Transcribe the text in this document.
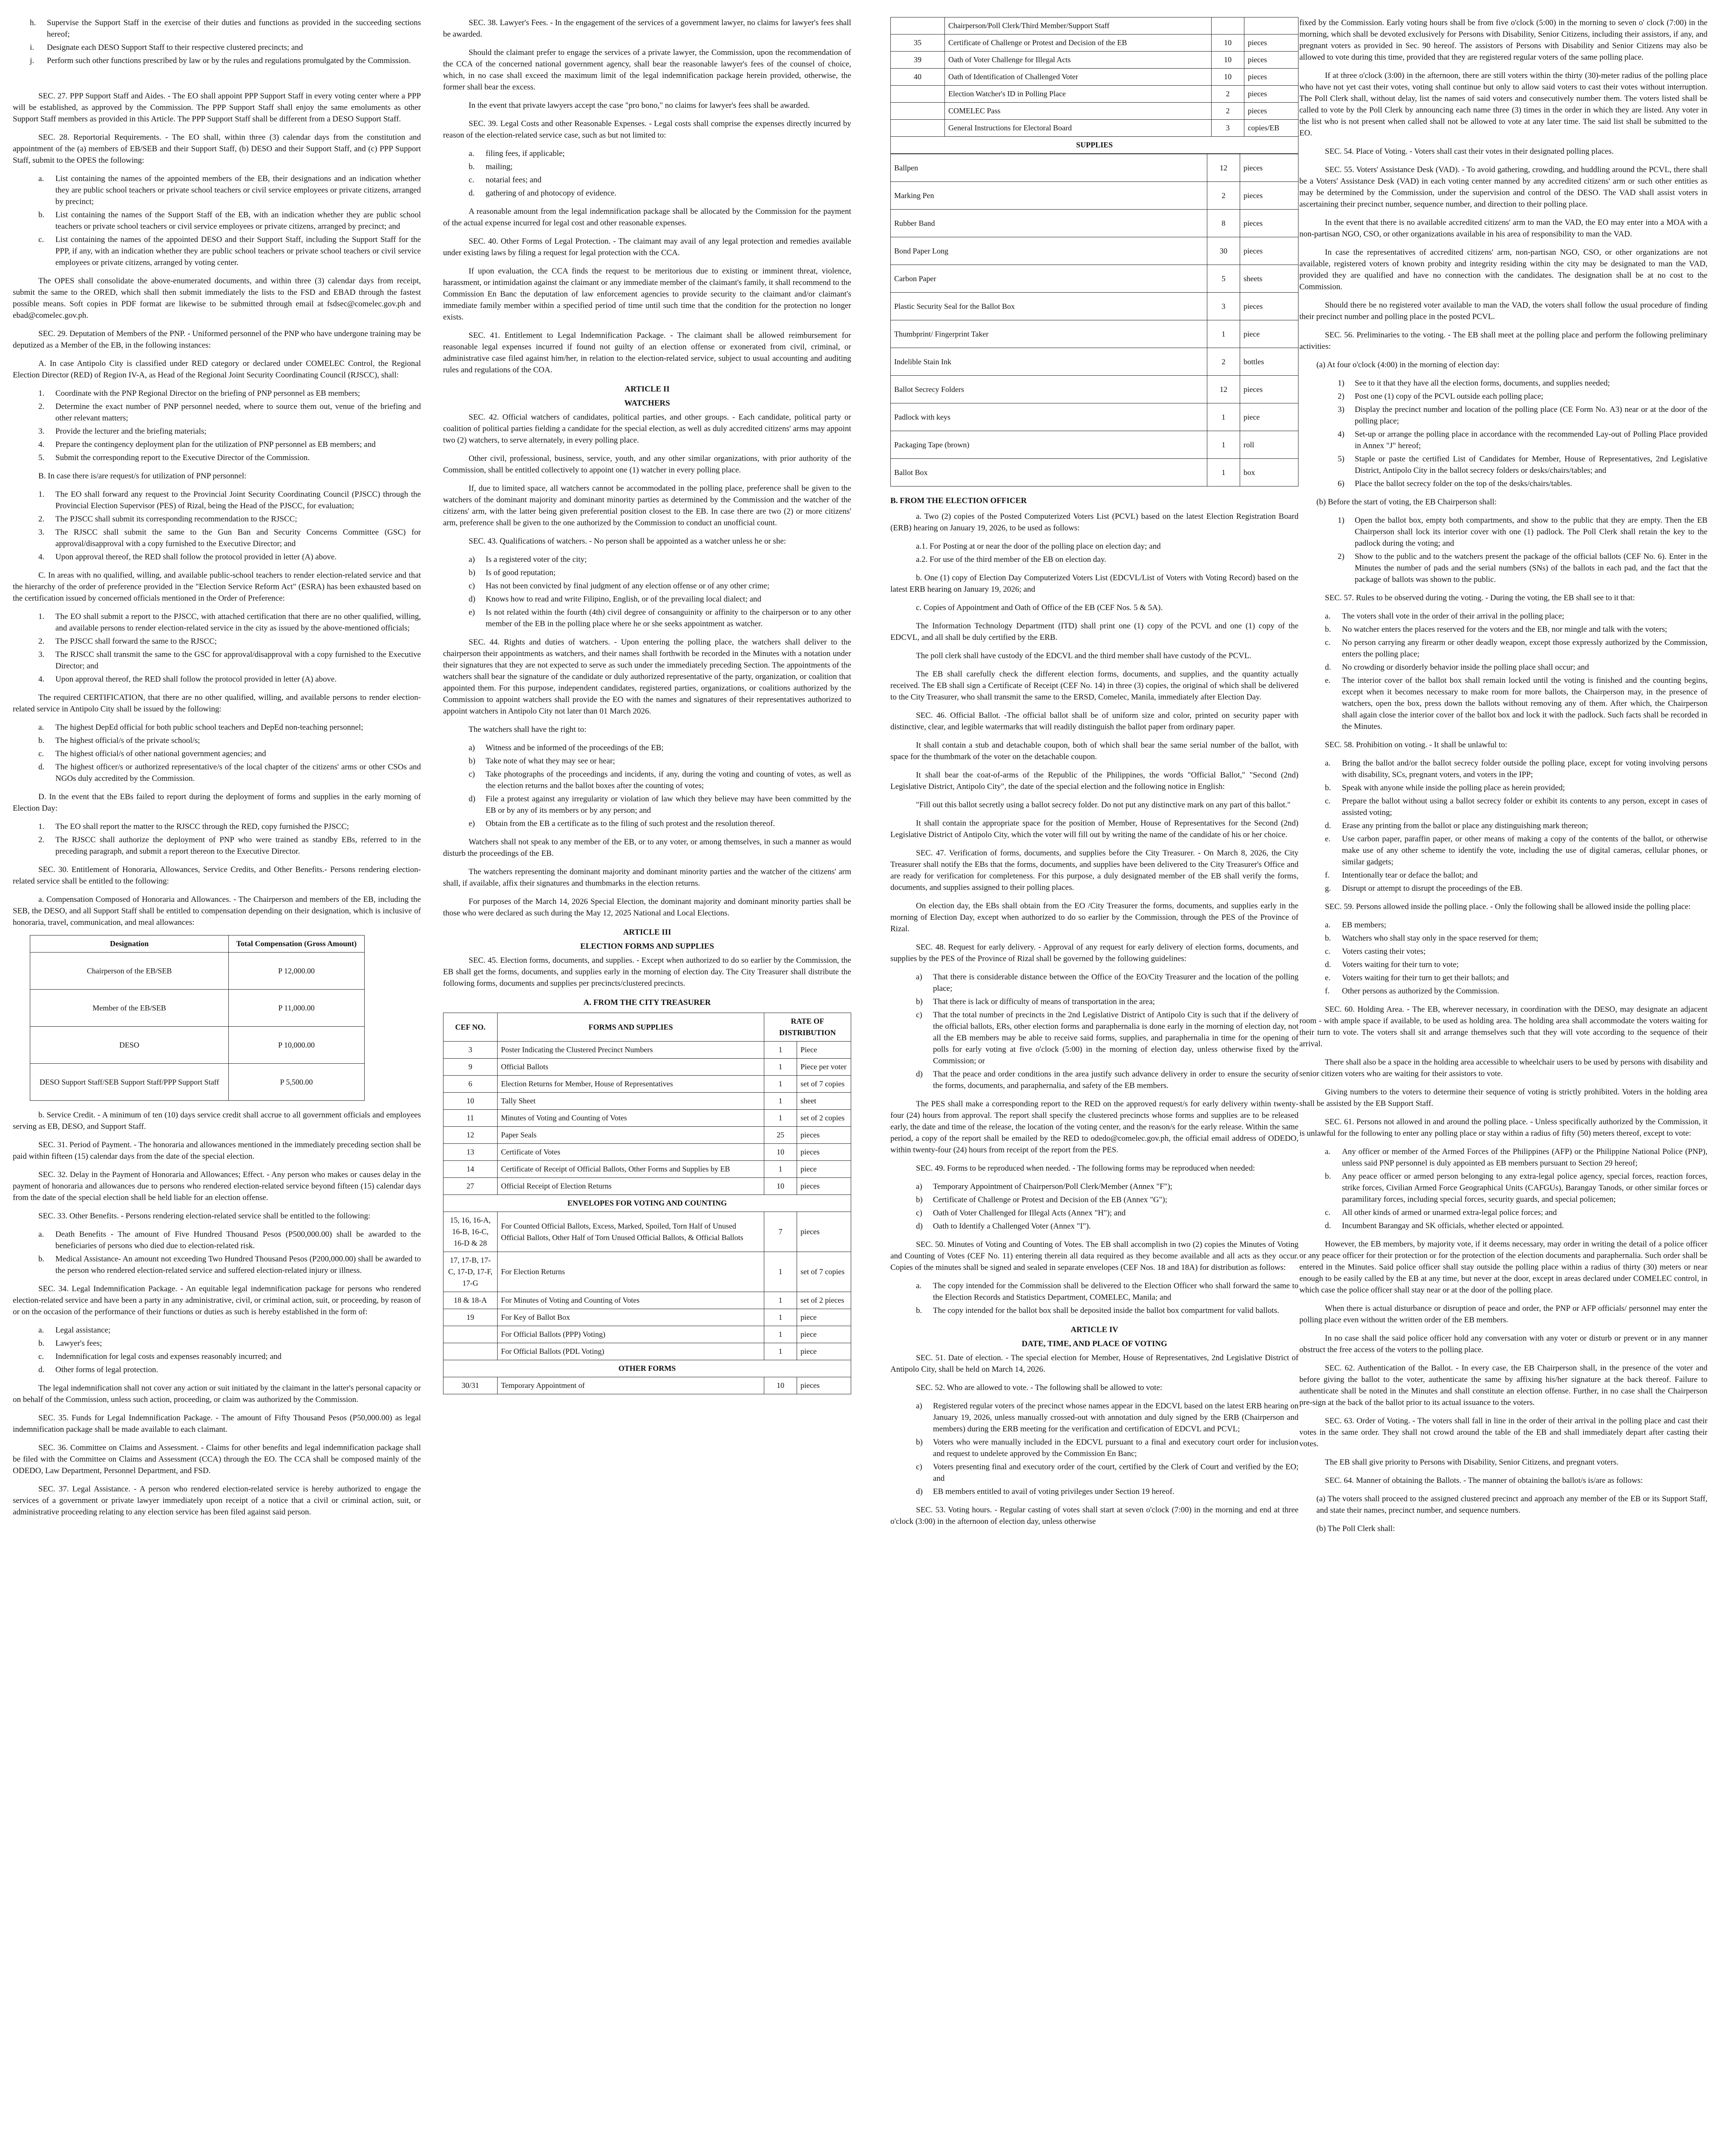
h. Supervise the Support Staff in the exercise of their duties and functions as provided in the succeeding sections hereof;
i. Designate each DESO Support Staff to their respective clustered precincts; and
j. Perform such other functions prescribed by law or by the rules and regulations promulgated by the Commission.

SEC. 27. PPP Support Staff and Aides. - The EO shall appoint PPP Support Staff in every voting center where a PPP will be established, as approved by the Commission. The PPP Support Staff shall enjoy the same emoluments as other Support Staff members as provided in this Article. The PPP Support Staff shall be different from a DESO Support Staff.

SEC. 28. Reportorial Requirements. - The EO shall, within three (3) calendar days from the constitution and appointment of the (a) members of EB/SEB and their Support Staff, (b) DESO and their Support Staff, and (c) PPP Support Staff, submit to the OPES the following:

a. List containing the names of the appointed members of the EB, their designations and an indication whether they are public school teachers or private school teachers or civil service employees or private citizens, arranged by precinct;
b. List containing the names of the Support Staff of the EB, with an indication whether they are public school teachers or private school teachers or civil service employees or private citizens, arranged by precinct; and
c. List containing the names of the appointed DESO and their Support Staff, including the Support Staff for the PPP, if any, with an indication whether they are public school teachers or private school teachers or civil service employees or private citizens, arranged by voting center.

The OPES shall consolidate the above-enumerated documents, and within three (3) calendar days from receipt, submit the same to the ORED, which shall then submit immediately the lists to the FSD and EBAD through the fastest possible means. Soft copies in PDF format are likewise to be submitted through email at fsdsec@comelec.gov.ph and ebad@comelec.gov.ph.

SEC. 29. Deputation of Members of the PNP. - Uniformed personnel of the PNP who have undergone training may be deputized as a Member of the EB, in the following instances:

A. In case Antipolo City is classified under RED category or declared under COMELEC Control, the Regional Election Director (RED) of Region IV-A, as Head of the Regional Joint Security Coordinating Council (RJSCC), shall:

1. Coordinate with the PNP Regional Director on the briefing of PNP personnel as EB members;
2. Determine the exact number of PNP personnel needed, where to source them out, venue of the briefing and other relevant matters;
3. Provide the lecturer and the briefing materials;
4. Prepare the contingency deployment plan for the utilization of PNP personnel as EB members; and
5. Submit the corresponding report to the Executive Director of the Commission.

B. In case there is/are request/s for utilization of PNP personnel:

1. The EO shall forward any request to the Provincial Joint Security Coordinating Council (PJSCC) through the Provincial Election Supervisor (PES) of Rizal, being the Head of the PJSCC, for evaluation;
2. The PJSCC shall submit its corresponding recommendation to the RJSCC;
3. The RJSCC shall submit the same to the Gun Ban and Security Concerns Committee (GSC) for approval/disapproval with a copy furnished to the Executive Director; and
4. Upon approval thereof, the RED shall follow the protocol provided in letter (A) above.

C. In areas with no qualified, willing, and available public-school teachers to render election-related service and that the hierarchy of the order of preference provided in the "Election Service Reform Act" (ESRA) has been exhausted based on the certification issued by concerned officials mentioned in the Order of Preference:

1. The EO shall submit a report to the PJSCC, with attached certification that there are no other qualified, willing, and available persons to render election-related service in the city as issued by the above-mentioned officials;
2. The PJSCC shall forward the same to the RJSCC;
3. The RJSCC shall transmit the same to the GSC for approval/disapproval with a copy furnished to the Executive Director; and
4. Upon approval thereof, the RED shall follow the protocol provided in letter (A) above.

The required CERTIFICATION, that there are no other qualified, willing, and available persons to render election-related service in Antipolo City shall be issued by the following:

a. The highest DepEd official for both public school teachers and DepEd non-teaching personnel;
b. The highest official/s of the private school/s;
c. The highest official/s of other national government agencies; and
d. The highest officer/s or authorized representative/s of the local chapter of the citizens' arms or other CSOs and NGOs duly accredited by the Commission.

D. In the event that the EBs failed to report during the deployment of forms and supplies in the early morning of Election Day:

1. The EO shall report the matter to the RJSCC through the RED, copy furnished the PJSCC;
2. The RJSCC shall authorize the deployment of PNP who were trained as standby EBs, referred to in the preceding paragraph, and submit a report thereon to the Executive Director.

SEC. 30. Entitlement of Honoraria, Allowances, Service Credits, and Other Benefits.- Persons rendering election-related service shall be entitled to the following:

a. Compensation Composed of Honoraria and Allowances. - The Chairperson and members of the EB, including the SEB, the DESO, and all Support Staff shall be entitled to compensation depending on their designation, which is inclusive of honoraria, travel, communication, and meal allowances:

Designation	Total Compensation (Gross Amount)
Chairperson of the EB/SEB	P 12,000.00
Member of the EB/SEB	P 11,000.00
DESO	P 10,000.00
DESO Support Staff/SEB Support Staff/PPP Support Staff	P 5,500.00

b. Service Credit. - A minimum of ten (10) days service credit shall accrue to all government officials and employees serving as EB, DESO, and Support Staff.

SEC. 31. Period of Payment. - The honoraria and allowances mentioned in the immediately preceding section shall be paid within fifteen (15) calendar days from the date of the special election.

SEC. 32. Delay in the Payment of Honoraria and Allowances; Effect. - Any person who makes or causes delay in the payment of honoraria and allowances due to persons who rendered election-related service beyond fifteen (15) calendar days from the date of the special election shall be held liable for an election offense.

SEC. 33. Other Benefits. - Persons rendering election-related service shall be entitled to the following:

a. Death Benefits - The amount of Five Hundred Thousand Pesos (P500,000.00) shall be awarded to the beneficiaries of persons who died due to election-related risk.
b. Medical Assistance- An amount not exceeding Two Hundred Thousand Pesos (P200,000.00) shall be awarded to the person who rendered election-related service and suffered election-related injury or illness.

SEC. 34. Legal Indemnification Package. - An equitable legal indemnification package for persons who rendered election-related service and have been a party in any administrative, civil, or criminal action, suit, or proceeding, by reason of or on the occasion of the performance of their functions or duties as such is hereby established in the form of:

a. Legal assistance;
b. Lawyer's fees;
c. Indemnification for legal costs and expenses reasonably incurred; and
d. Other forms of legal protection.

The legal indemnification shall not cover any action or suit initiated by the claimant in the latter's personal capacity or on behalf of the Commission, unless such action, proceeding, or claim was authorized by the Commission.

SEC. 35. Funds for Legal Indemnification Package. - The amount of Fifty Thousand Pesos (P50,000.00) as legal indemnification package shall be made available to each claimant.

SEC. 36. Committee on Claims and Assessment. - Claims for other benefits and legal indemnification package shall be filed with the Committee on Claims and Assessment (CCA) through the EO. The CCA shall be composed mainly of the ODEDO, Law Department, Personnel Department, and FSD.

SEC. 37. Legal Assistance. - A person who rendered election-related service is hereby authorized to engage the services of a government or private lawyer immediately upon receipt of a notice that a civil or criminal action, suit, or administrative proceeding relating to any election service has been filed against said person.

SEC. 38. Lawyer's Fees. - In the engagement of the services of a government lawyer, no claims for lawyer's fees shall be awarded.

Should the claimant prefer to engage the services of a private lawyer, the Commission, upon the recommendation of the CCA of the concerned national government agency, shall bear the reasonable lawyer's fees of the counsel of choice, which, in no case shall exceed the maximum limit of the legal indemnification package herein provided, otherwise, the former shall bear the excess.

In the event that private lawyers accept the case "pro bono," no claims for lawyer's fees shall be awarded.

SEC. 39. Legal Costs and other Reasonable Expenses. - Legal costs shall comprise the expenses directly incurred by reason of the election-related service case, such as but not limited to:

a. filing fees, if applicable;
b. mailing;
c. notarial fees; and
d. gathering of and photocopy of evidence.

A reasonable amount from the legal indemnification package shall be allocated by the Commission for the payment of the actual expense incurred for legal cost and other reasonable expenses.

SEC. 40. Other Forms of Legal Protection. - The claimant may avail of any legal protection and remedies available under existing laws by filing a request for legal protection with the CCA.

If upon evaluation, the CCA finds the request to be meritorious due to existing or imminent threat, violence, harassment, or intimidation against the claimant or any immediate member of the claimant's family, it shall recommend to the Commission En Banc the deputation of law enforcement agencies to provide security to the claimant and/or claimant's immediate family member within a specified period of time until such time that the condition for the protection no longer exists.

SEC. 41. Entitlement to Legal Indemnification Package. - The claimant shall be allowed reimbursement for reasonable legal expenses incurred if found not guilty of an election offense or exonerated from civil, criminal, or administrative case filed against him/her, in relation to the election-related service, subject to usual accounting and auditing rules and regulations of the COA.

ARTICLE II
WATCHERS

SEC. 42. Official watchers of candidates, political parties, and other groups. - Each candidate, political party or coalition of political parties fielding a candidate for the special election, as well as duly accredited citizens' arms may appoint two (2) watchers, to serve alternately, in every polling place.

Other civil, professional, business, service, youth, and any other similar organizations, with prior authority of the Commission, shall be entitled collectively to appoint one (1) watcher in every polling place.

If, due to limited space, all watchers cannot be accommodated in the polling place, preference shall be given to the watchers of the dominant majority and dominant minority parties as determined by the Commission and the watcher of the citizens' arm, with the latter being given preferential position closest to the EB. In case there are two (2) or more citizens' arm, preference shall be given to the one authorized by the Commission to conduct an unofficial count.

SEC. 43. Qualifications of watchers. - No person shall be appointed as a watcher unless he or she:

a) Is a registered voter of the city;
b) Is of good reputation;
c) Has not been convicted by final judgment of any election offense or of any other crime;
d) Knows how to read and write Filipino, English, or of the prevailing local dialect; and
e) Is not related within the fourth (4th) civil degree of consanguinity or affinity to the chairperson or to any other member of the EB in the polling place where he or she seeks appointment as watcher.

SEC. 44. Rights and duties of watchers. - Upon entering the polling place, the watchers shall deliver to the chairperson their appointments as watchers, and their names shall forthwith be recorded in the Minutes with a notation under their signatures that they are not expected to serve as such under the immediately preceding Section. The appointments of the watchers shall bear the signature of the candidate or duly authorized representative of the party, organization, or coalition that appointed them. For this purpose, independent candidates, registered parties, organizations, or coalitions authorized by the Commission to appoint watchers shall provide the EO with the names and signatures of their representatives authorized to appoint watchers in Antipolo City not later than 01 March 2026.

The watchers shall have the right to:

a) Witness and be informed of the proceedings of the EB;
b) Take note of what they may see or hear;
c) Take photographs of the proceedings and incidents, if any, during the voting and counting of votes, as well as the election returns and the ballot boxes after the counting of votes;
d) File a protest against any irregularity or violation of law which they believe may have been committed by the EB or by any of its members or by any person; and
e) Obtain from the EB a certificate as to the filing of such protest and the resolution thereof.

Watchers shall not speak to any member of the EB, or to any voter, or among themselves, in such a manner as would disturb the proceedings of the EB.

The watchers representing the dominant majority and dominant minority parties and the watcher of the citizens' arm shall, if available, affix their signatures and thumbmarks in the election returns.

For purposes of the March 14, 2026 Special Election, the dominant majority and dominant minority parties shall be those who were declared as such during the May 12, 2025 National and Local Elections.

ARTICLE III
ELECTION FORMS AND SUPPLIES

SEC. 45. Election forms, documents, and supplies. - Except when authorized to do so earlier by the Commission, the EB shall get the forms, documents, and supplies early in the morning of election day. The City Treasurer shall distribute the following forms, documents and supplies per precincts/clustered precincts.

A. FROM THE CITY TREASURER
CEF NO.	FORMS AND SUPPLIES	RATE OF DISTRIBUTION	
3	Poster Indicating the Clustered Precinct Numbers	1	Piece
9	Official Ballots	1	Piece per voter
6	Election Returns for Member, House of Representatives	1	set of 7 copies
10	Tally Sheet	1	sheet
11	Minutes of Voting and Counting of Votes	1	set of 2 copies
12	Paper Seals	25	pieces
13	Certificate of Votes	10	pieces
14	Certificate of Receipt of Official Ballots, Other Forms and Supplies by EB	1	piece
27	Official Receipt of Election Returns	10	pieces
ENVELOPES FOR VOTING AND COUNTING			
15, 16, 16-A, 16-B, 16-C, 16-D & 28	For Counted Official Ballots, Excess, Marked, Spoiled, Torn Half of Unused Official Ballots, Other Half of Torn Unused Official Ballots, & Official Ballots	7	pieces
17, 17-B, 17-C, 17-D, 17-F, 17-G	For Election Returns	1	set of 7 copies
18 & 18-A	For Minutes of Voting and Counting of Votes	1	set of 2 pieces
19	For Key of Ballot Box	1	piece
	For Official Ballots (PPP) Voting)	1	piece
	For Official Ballots (PDL Voting)	1	piece
OTHER FORMS			
30/31	Temporary Appointment of	10	pieces
	Chairperson/Poll Clerk/Third Member/Support Staff		
35	Certificate of Challenge or Protest and Decision of the EB	10	pieces
39	Oath of Voter Challenge for Illegal Acts	10	pieces
40	Oath of Identification of Challenged Voter	10	pieces
	Election Watcher's ID in Polling Place	2	pieces
	COMELEC Pass	2	pieces
	General Instructions for Electoral Board	3	copies/EB
SUPPLIES			
Ballpen	12	pieces
Marking Pen	2	pieces
Rubber Band	8	pieces
Bond Paper Long	30	pieces
Carbon Paper	5	sheets
Plastic Security Seal for the Ballot Box	3	pieces
Thumbprint/ Fingerprint Taker	1	piece
Indelible Stain Ink	2	bottles
Ballot Secrecy Folders	12	pieces
Padlock with keys	1	piece
Packaging Tape (brown)	1	roll
Ballot Box	1	box
B. FROM THE ELECTION OFFICER

a. Two (2) copies of the Posted Computerized Voters List (PCVL) based on the latest Election Registration Board (ERB) hearing on January 19, 2026, to be used as follows:

a.1. For Posting at or near the door of the polling place on election day; and

a.2. For use of the third member of the EB on election day.

b. One (1) copy of Election Day Computerized Voters List (EDCVL/List of Voters with Voting Record) based on the latest ERB hearing on January 19, 2026; and

c. Copies of Appointment and Oath of Office of the EB (CEF Nos. 5 & 5A).

The Information Technology Department (ITD) shall print one (1) copy of the PCVL and one (1) copy of the EDCVL, and all shall be duly certified by the ERB.

The poll clerk shall have custody of the EDCVL and the third member shall have custody of the PCVL.

The EB shall carefully check the different election forms, documents, and supplies, and the quantity actually received. The EB shall sign a Certificate of Receipt (CEF No. 14) in three (3) copies, the original of which shall be delivered to the City Treasurer, who shall transmit the same to the ERSD, Comelec, Manila, immediately after Election Day.

SEC. 46. Official Ballot. -The official ballot shall be of uniform size and color, printed on security paper with distinctive, clear, and legible watermarks that will readily distinguish the ballot paper from ordinary paper.

It shall contain a stub and detachable coupon, both of which shall bear the same serial number of the ballot, with space for the thumbmark of the voter on the detachable coupon.

It shall bear the coat-of-arms of the Republic of the Philippines, the words "Official Ballot," "Second (2nd) Legislative District, Antipolo City", the date of the special election and the following notice in English:

"Fill out this ballot secretly using a ballot secrecy folder. Do not put any distinctive mark on any part of this ballot."

It shall contain the appropriate space for the position of Member, House of Representatives for the Second (2nd) Legislative District of Antipolo City, which the voter will fill out by writing the name of the candidate of his or her choice.

SEC. 47. Verification of forms, documents, and supplies before the City Treasurer. - On March 8, 2026, the City Treasurer shall notify the EBs that the forms, documents, and supplies have been delivered to the City Treasurer's Office and are ready for verification for completeness. For this purpose, a duly designated member of the EB shall verify the forms, documents, and supplies assigned to their polling places.

On election day, the EBs shall obtain from the EO /City Treasurer the forms, documents, and supplies early in the morning of Election Day, except when authorized to do so earlier by the Commission, through the PES of the Province of Rizal.

SEC. 48. Request for early delivery. - Approval of any request for early delivery of election forms, documents, and supplies by the PES of the Province of Rizal shall be governed by the following guidelines:

a) That there is considerable distance between the Office of the EO/City Treasurer and the location of the polling place;
b) That there is lack or difficulty of means of transportation in the area;
c) That the total number of precincts in the 2nd Legislative District of Antipolo City is such that if the delivery of the official ballots, ERs, other election forms and paraphernalia is done early in the morning of election day, not all the EB members may be able to receive said forms, supplies, and paraphernalia in time for the opening of polls for early voting at five o'clock (5:00) in the morning of election day, unless otherwise fixed by the Commission; or
d) That the peace and order conditions in the area justify such advance delivery in order to ensure the security of the forms, documents, and paraphernalia, and safety of the EB members.

The PES shall make a corresponding report to the RED on the approved request/s for early delivery within twenty-four (24) hours from approval. The report shall specify the clustered precincts whose forms and supplies are to be released early, the date and time of the release, the location of the voting center, and the reason/s for the early release. Within the same period, a copy of the report shall be emailed by the RED to odedo@comelec.gov.ph, the official email address of ODEDO, within twenty-four (24) hours from receipt of the report from the PES.

SEC. 49. Forms to be reproduced when needed. - The following forms may be reproduced when needed:

a) Temporary Appointment of Chairperson/Poll Clerk/Member (Annex "F");
b) Certificate of Challenge or Protest and Decision of the EB (Annex "G");
c) Oath of Voter Challenged for Illegal Acts (Annex "H"); and
d) Oath to Identify a Challenged Voter (Annex "I").

SEC. 50. Minutes of Voting and Counting of Votes. The EB shall accomplish in two (2) copies the Minutes of Voting and Counting of Votes (CEF No. 11) entering therein all data required as they become available and all acts as they occur. Copies of the minutes shall be signed and sealed in separate envelopes (CEF Nos. 18 and 18A) for distribution as follows:

a. The copy intended for the Commission shall be delivered to the Election Officer who shall forward the same to the Election Records and Statistics Department, COMELEC, Manila; and
b. The copy intended for the ballot box shall be deposited inside the ballot box compartment for valid ballots.
ARTICLE IV
DATE, TIME, AND PLACE OF VOTING

SEC. 51. Date of election. - The special election for Member, House of Representatives, 2nd Legislative District of Antipolo City, shall be held on March 14, 2026.

SEC. 52. Who are allowed to vote. - The following shall be allowed to vote:

a) Registered regular voters of the precinct whose names appear in the EDCVL based on the latest ERB hearing on January 19, 2026, unless manually crossed-out with annotation and duly signed by the ERB (Chairperson and members) during the ERB meeting for the verification and certification of EDCVL and PCVL;
b) Voters who were manually included in the EDCVL pursuant to a final and executory court order for inclusion and request to undelete approved by the Commission En Banc;
c) Voters presenting final and executory order of the court, certified by the Clerk of Court and verified by the EO; and
d) EB members entitled to avail of voting privileges under Section 19 hereof.

SEC. 53. Voting hours. - Regular casting of votes shall start at seven o'clock (7:00) in the morning and end at three o'clock (3:00) in the afternoon of election day, unless otherwise

fixed by the Commission. Early voting hours shall be from five o'clock (5:00) in the morning to seven o' clock (7:00) in the morning, which shall be devoted exclusively for Persons with Disability, Senior Citizens, including their assistors, if any, and pregnant voters as provided in Sec. 90 hereof. The assistors of Persons with Disability and Senior Citizens may also be allowed to vote during this time, provided that they are registered regular voters of the same polling place.

If at three o'clock (3:00) in the afternoon, there are still voters within the thirty (30)-meter radius of the polling place who have not yet cast their votes, voting shall continue but only to allow said voters to cast their votes without interruption. The Poll Clerk shall, without delay, list the names of said voters and consecutively number them. The voters listed shall be called to vote by the Poll Clerk by announcing each name three (3) times in the order in which they are listed. Any voter in the list who is not present when called shall not be allowed to vote at any later time. The said list shall be submitted to the EO.

SEC. 54. Place of Voting. - Voters shall cast their votes in their designated polling places.

SEC. 55. Voters' Assistance Desk (VAD). - To avoid gathering, crowding, and huddling around the PCVL, there shall be a Voters' Assistance Desk (VAD) in each voting center manned by any accredited citizens' arm or such other entities as may be determined by the Commission, under the supervision and control of the DESO. The VAD shall assist voters in ascertaining their precinct number, sequence number, and direction to their polling place.

In the event that there is no available accredited citizens' arm to man the VAD, the EO may enter into a MOA with a non-partisan NGO, CSO, or other organizations available in his area of responsibility to man the VAD.

In case the representatives of accredited citizens' arm, non-partisan NGO, CSO, or other organizations are not available, registered voters of known probity and integrity residing within the city may be designated to man the VAD, provided they are qualified and have no connection with the candidates. The designation shall be at no cost to the Commission.

Should there be no registered voter available to man the VAD, the voters shall follow the usual procedure of finding their precinct number and polling place in the posted PCVL.

SEC. 56. Preliminaries to the voting. - The EB shall meet at the polling place and perform the following preliminary activities:

(a) At four o'clock (4:00) in the morning of election day:

1) See to it that they have all the election forms, documents, and supplies needed;
2) Post one (1) copy of the PCVL outside each polling place;
3) Display the precinct number and location of the polling place (CE Form No. A3) near or at the door of the polling place;
4) Set-up or arrange the polling place in accordance with the recommended Lay-out of Polling Place provided in Annex "J" hereof;
5) Staple or paste the certified List of Candidates for Member, House of Representatives, 2nd Legislative District, Antipolo City in the ballot secrecy folders or desks/chairs/tables; and
6) Place the ballot secrecy folder on the top of the desks/chairs/tables.

(b) Before the start of voting, the EB Chairperson shall:

1) Open the ballot box, empty both compartments, and show to the public that they are empty. Then the EB Chairperson shall lock its interior cover with one (1) padlock. The Poll Clerk shall retain the key to the padlock during the voting; and
2) Show to the public and to the watchers present the package of the official ballots (CEF No. 6). Enter in the Minutes the number of pads and the serial numbers (SNs) of the ballots in each pad, and the fact that the package of ballots was shown to the public.

SEC. 57. Rules to be observed during the voting. - During the voting, the EB shall see to it that:

a. The voters shall vote in the order of their arrival in the polling place;
b. No watcher enters the places reserved for the voters and the EB, nor mingle and talk with the voters;
c. No person carrying any firearm or other deadly weapon, except those expressly authorized by the Commission, enters the polling place;
d. No crowding or disorderly behavior inside the polling place shall occur; and
e. The interior cover of the ballot box shall remain locked until the voting is finished and the counting begins, except when it becomes necessary to make room for more ballots, the Chairperson may, in the presence of watchers, open the box, press down the ballots without removing any of them. After which, the Chairperson shall again close the interior cover of the ballot box and lock it with the padlock. Such facts shall be recorded in the Minutes.

SEC. 58. Prohibition on voting. - It shall be unlawful to:

a. Bring the ballot and/or the ballot secrecy folder outside the polling place, except for voting involving persons with disability, SCs, pregnant voters, and voters in the IPP;
b. Speak with anyone while inside the polling place as herein provided;
c. Prepare the ballot without using a ballot secrecy folder or exhibit its contents to any person, except in cases of assisted voting;
d. Erase any printing from the ballot or place any distinguishing mark thereon;
e. Use carbon paper, paraffin paper, or other means of making a copy of the contents of the ballot, or otherwise make use of any other scheme to identify the vote, including the use of digital cameras, cellular phones, or similar gadgets;
f. Intentionally tear or deface the ballot; and
g. Disrupt or attempt to disrupt the proceedings of the EB.

SEC. 59. Persons allowed inside the polling place. - Only the following shall be allowed inside the polling place:

a. EB members;
b. Watchers who shall stay only in the space reserved for them;
c. Voters casting their votes;
d. Voters waiting for their turn to vote;
e. Voters waiting for their turn to get their ballots; and
f. Other persons as authorized by the Commission.

SEC. 60. Holding Area. - The EB, wherever necessary, in coordination with the DESO, may designate an adjacent room - with ample space if available, to be used as holding area. The holding area shall accommodate the voters waiting for their turn to vote. The voters shall sit and arrange themselves such that they will vote according to the sequence of their arrival.

There shall also be a space in the holding area accessible to wheelchair users to be used by persons with disability and senior citizen voters who are waiting for their assistors to vote.

Giving numbers to the voters to determine their sequence of voting is strictly prohibited. Voters in the holding area shall be assisted by the EB Support Staff.

SEC. 61. Persons not allowed in and around the polling place. - Unless specifically authorized by the Commission, it is unlawful for the following to enter any polling place or stay within a radius of fifty (50) meters thereof, except to vote:

a. Any officer or member of the Armed Forces of the Philippines (AFP) or the Philippine National Police (PNP), unless said PNP personnel is duly appointed as EB members pursuant to Section 29 hereof;
b. Any peace officer or armed person belonging to any extra-legal police agency, special forces, reaction forces, strike forces, Civilian Armed Force Geographical Units (CAFGUs), Barangay Tanods, or other similar forces or paramilitary forces, including special forces, security guards, and special policemen;
c. All other kinds of armed or unarmed extra-legal police forces; and
d. Incumbent Barangay and SK officials, whether elected or appointed.

However, the EB members, by majority vote, if it deems necessary, may order in writing the detail of a police officer or any peace officer for their protection or for the protection of the election documents and paraphernalia. Such order shall be entered in the Minutes. Said police officer shall stay outside the polling place within a radius of thirty (30) meters or near enough to be easily called by the EB at any time, but never at the door, except in areas declared under COMELEC control, in which case the police officer shall stay near or at the door of the polling place.

When there is actual disturbance or disruption of peace and order, the PNP or AFP officials/ personnel may enter the polling place even without the written order of the EB members.

In no case shall the said police officer hold any conversation with any voter or disturb or prevent or in any manner obstruct the free access of the voters to the polling place.

SEC. 62. Authentication of the Ballot. - In every case, the EB Chairperson shall, in the presence of the voter and before giving the ballot to the voter, authenticate the same by affixing his/her signature at the back thereof. Failure to authenticate shall be noted in the Minutes and shall constitute an election offense. Further, in no case shall the Chairperson pre-sign at the back of the ballot prior to its actual issuance to the voters.

SEC. 63. Order of Voting. - The voters shall fall in line in the order of their arrival in the polling place and cast their votes in the same order. They shall not crowd around the table of the EB and shall immediately depart after casting their votes.

The EB shall give priority to Persons with Disability, Senior Citizens, and pregnant voters.

SEC. 64. Manner of obtaining the Ballots. - The manner of obtaining the ballot/s is/are as follows:

(a) The voters shall proceed to the assigned clustered precinct and approach any member of the EB or its Support Staff, and state their names, precinct number, and sequence numbers.

(b) The Poll Clerk shall:
